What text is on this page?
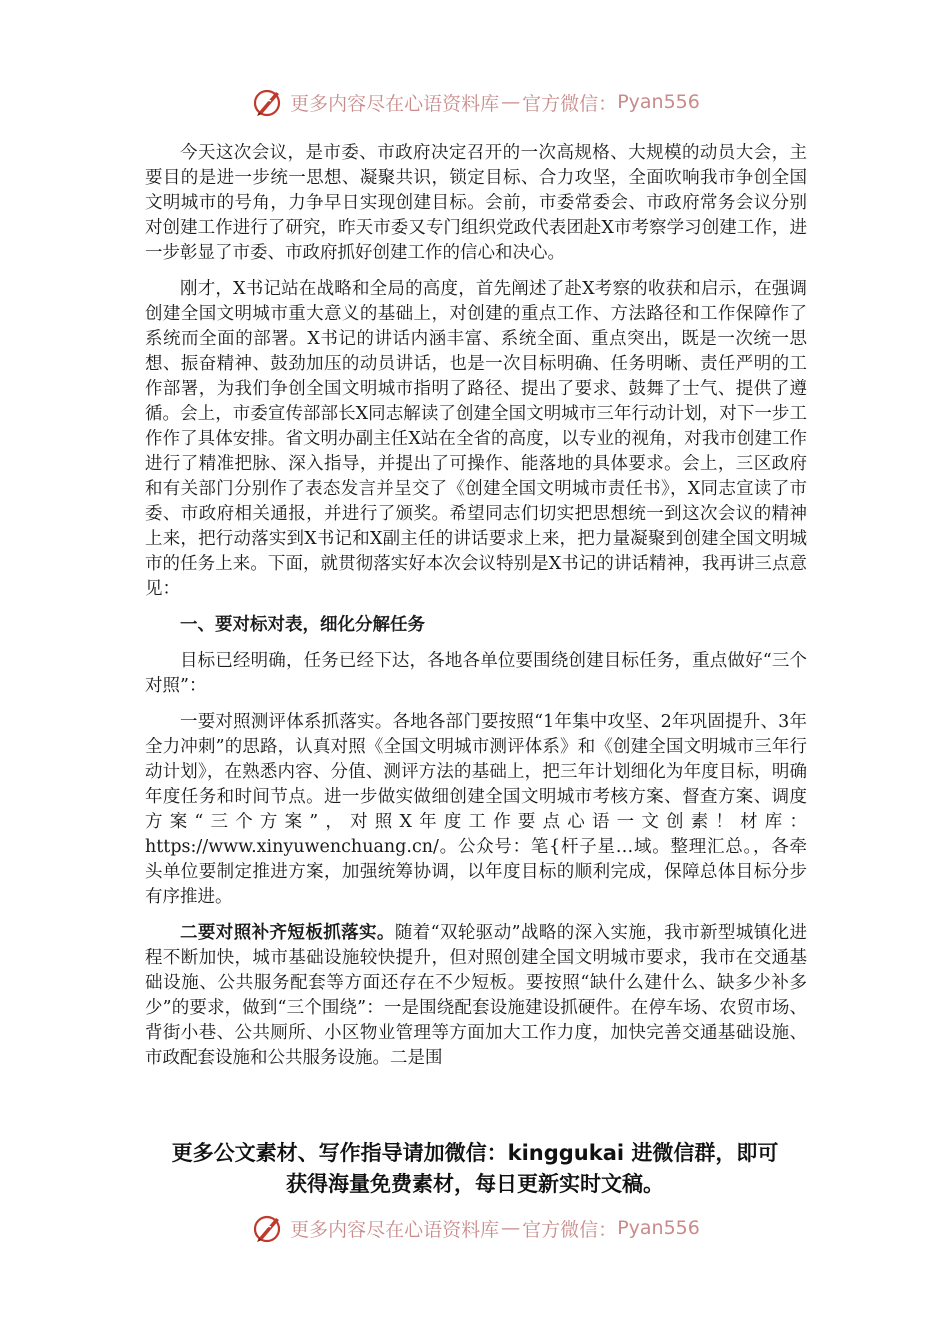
更多内容尽在心语资料库 — 官方微信： Pyan556

今天这次会议，是市委、市政府决定召开的一次高规格、大规模的动员大会，主要目的是进一步统一思想、凝聚共识，锁定目标、合力攻坚，全面吹响我市争创全国文明城市的号角，力争早日实现创建目标。会前，市委常委会、市政府常务会议分别对创建工作进行了研究，昨天市委又专门组织党政代表团赴X市考察学习创建工作，进一步彰显了市委、市政府抓好创建工作的信心和决心。

刚才，X书记站在战略和全局的高度，首先阐述了赴X考察的收获和启示，在强调创建全国文明城市重大意义的基础上，对创建的重点工作、方法路径和工作保障作了系统而全面的部署。X书记的讲话内涵丰富、系统全面、重点突出，既是一次统一思想、振奋精神、鼓劲加压的动员讲话，也是一次目标明确、任务明晰、责任严明的工作部署，为我们争创全国文明城市指明了路径、提出了要求、鼓舞了士气、提供了遵循。会上，市委宣传部部长X同志解读了创建全国文明城市三年行动计划，对下一步工作作了具体安排。省文明办副主任X站在全省的高度，以专业的视角，对我市创建工作进行了精准把脉、深入指导，并提出了可操作、能落地的具体要求。会上，三区政府和有关部门分别作了表态发言并呈交了《创建全国文明城市责任书》，X同志宣读了市委、市政府相关通报，并进行了颁奖。希望同志们切实把思想统一到这次会议的精神上来，把行动落实到X书记和X副主任的讲话要求上来，把力量凝聚到创建全国文明城市的任务上来。下面，就贯彻落实好本次会议特别是X书记的讲话精神，我再讲三点意见：

一、要对标对表，细化分解任务

目标已经明确，任务已经下达，各地各单位要围绕创建目标任务，重点做好“三个对照”：

一要对照测评体系抓落实。各地各部门要按照“1年集中攻坚、2年巩固提升、3年全力冲刺”的思路，认真对照《全国文明城市测评体系》和《创建全国文明城市三年行动计划》，在熟悉内容、分值、测评方法的基础上，把三年计划细化为年度目标，明确年度任务和时间节点。进一步做实做细创建全国文明城市考核方案、督查方案、调度方案“三个方案”，对照X年度工作要点心语一文创素！材库：https://www.xinyuwenchuang.cn/。公众号：笔{杆子星…域。整理汇总。，各牵头单位要制定推进方案，加强统筹协调，以年度目标的顺利完成，保障总体目标分步有序推进。

二要对照补齐短板抓落实。随着“双轮驱动”战略的深入实施，我市新型城镇化进程不断加快，城市基础设施较快提升，但对照创建全国文明城市要求，我市在交通基础设施、公共服务配套等方面还存在不少短板。要按照“缺什么建什么、缺多少补多少”的要求，做到“三个围绕”：一是围绕配套设施建设抓硬件。在停车场、农贸市场、背街小巷、公共厕所、小区物业管理等方面加大工作力度，加快完善交通基础设施、市政配套设施和公共服务设施。二是围

更多公文素材、写作指导请加微信：kinggukai 进微信群，即可
获得海量免费素材，每日更新实时文稿。
更多内容尽在心语资料库 — 官方微信： Pyan556
